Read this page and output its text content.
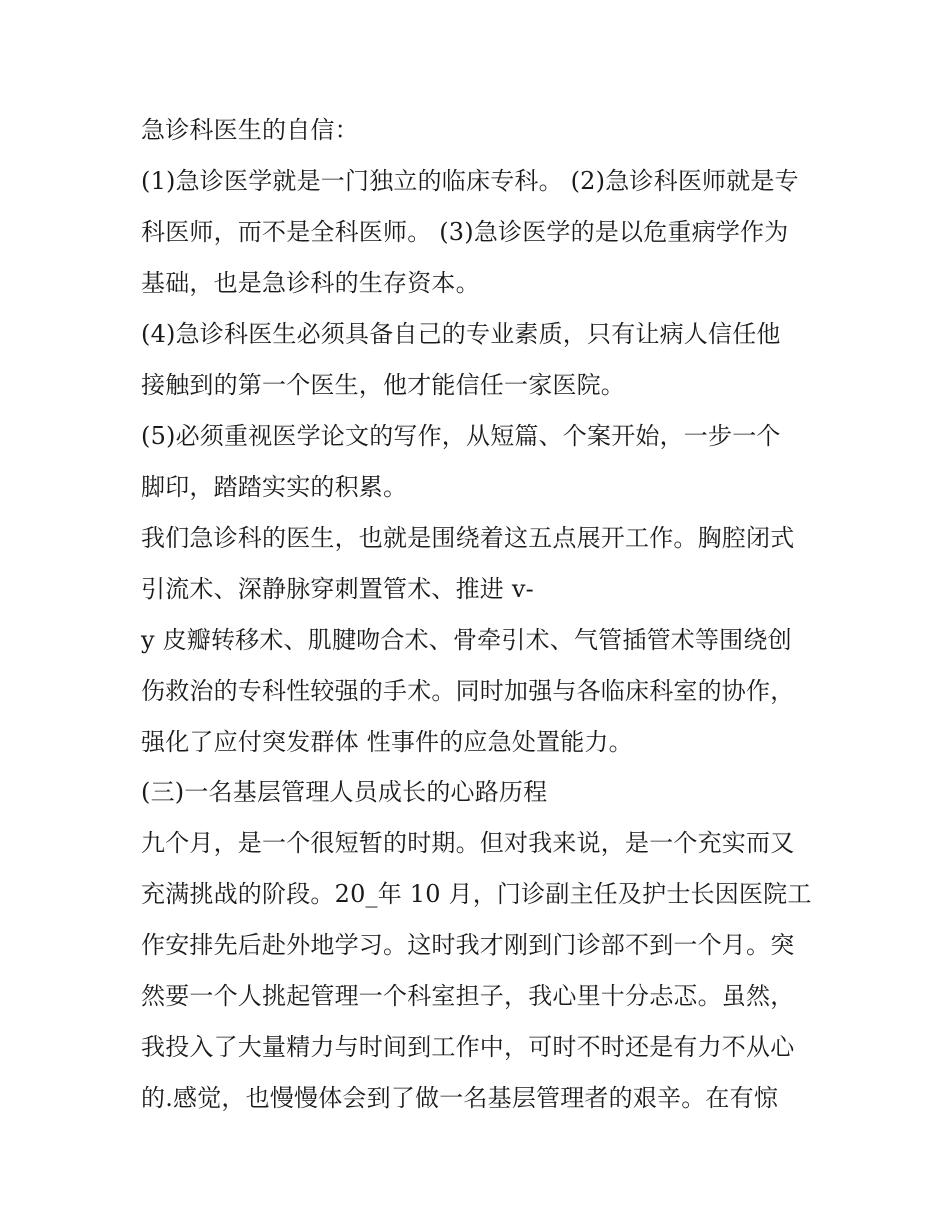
急诊科医生的自信：
(1)急诊医学就是一门独立的临床专科。 (2)急诊科医师就是专
科医师，而不是全科医师。 (3)急诊医学的是以危重病学作为
基础，也是急诊科的生存资本。
(4)急诊科医生必须具备自己的专业素质，只有让病人信任他
接触到的第一个医生，他才能信任一家医院。
(5)必须重视医学论文的写作，从短篇、个案开始，一步一个
脚印，踏踏实实的积累。
我们急诊科的医生，也就是围绕着这五点展开工作。胸腔闭式
引流术、深静脉穿刺置管术、推进 v-
y 皮瓣转移术、肌腱吻合术、骨牵引术、气管插管术等围绕创
伤救治的专科性较强的手术。同时加强与各临床科室的协作，
强化了应付突发群体 性事件的应急处置能力。
(三)一名基层管理人员成长的心路历程
九个月，是一个很短暂的时期。但对我来说，是一个充实而又
充满挑战的阶段。20_年 10 月，门诊副主任及护士长因医院工
作安排先后赴外地学习。这时我才刚到门诊部不到一个月。突
然要一个人挑起管理一个科室担子，我心里十分忐忑。虽然，
我投入了大量精力与时间到工作中，可时不时还是有力不从心
的.感觉，也慢慢体会到了做一名基层管理者的艰辛。在有惊
